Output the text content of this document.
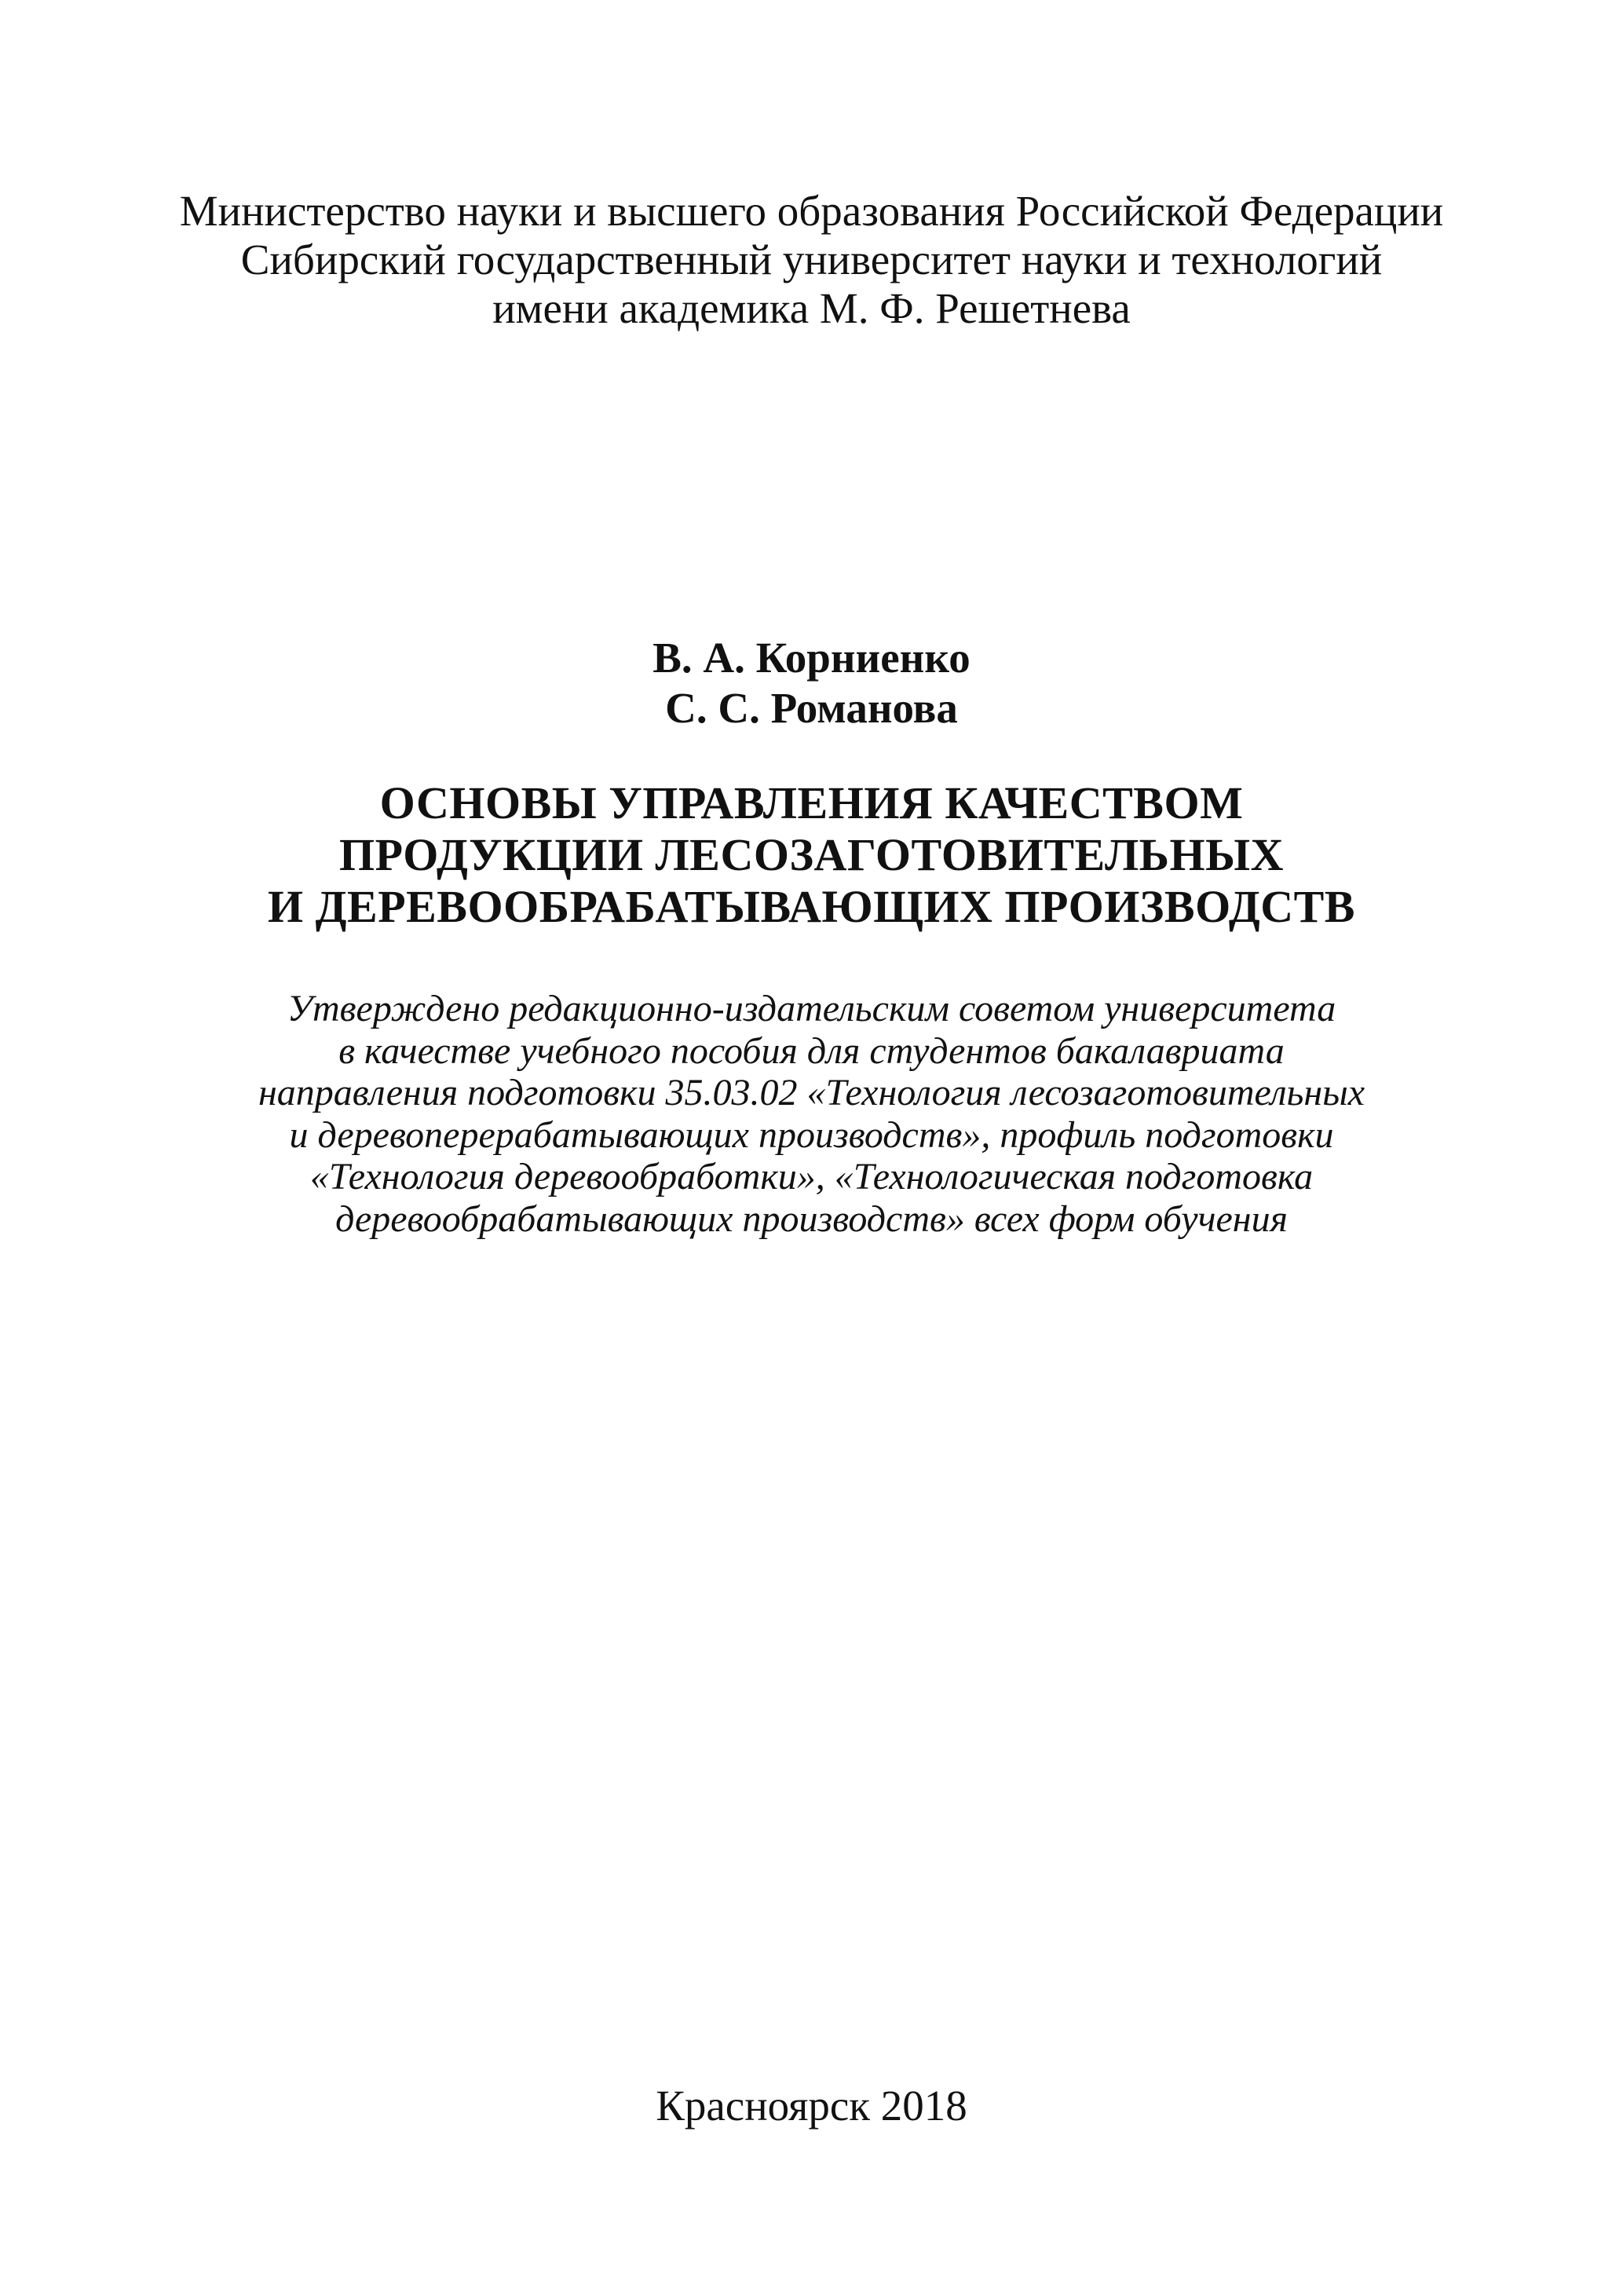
Министерство науки и высшего образования Российской Федерации
Сибирский государственный университет науки и технологий
имени академика М. Ф. Решетнева
В. А. Корниенко
С. С. Романова
ОСНОВЫ УПРАВЛЕНИЯ КАЧЕСТВОМ
ПРОДУКЦИИ ЛЕСОЗАГОТОВИТЕЛЬНЫХ
И ДЕРЕВООБРАБАТЫВАЮЩИХ ПРОИЗВОДСТВ
Утверждено редакционно-издательским советом университета
в качестве учебного пособия для студентов бакалавриата
направления подготовки 35.03.02 «Технология лесозаготовительных
и деревоперерабатывающих производств», профиль подготовки
«Технология деревообработки», «Технологическая подготовка
деревообрабатывающих производств» всех форм обучения
Красноярск 2018
